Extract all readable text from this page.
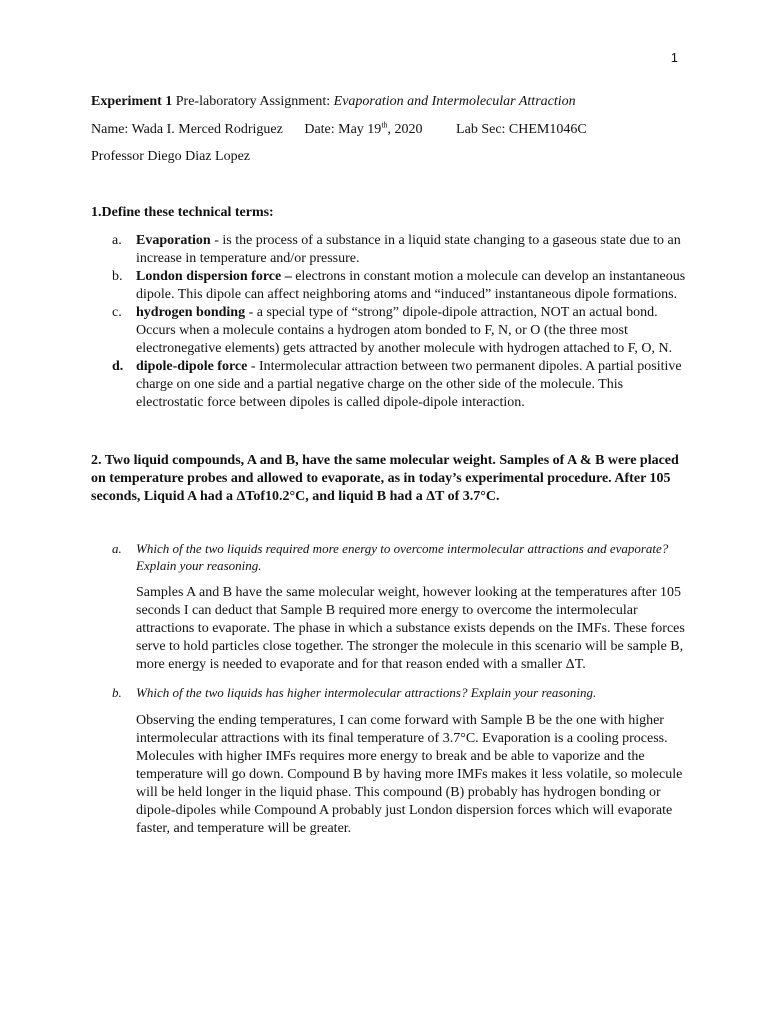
1
Experiment 1 Pre-laboratory Assignment: Evaporation and Intermolecular Attraction
Name: Wada I. Merced Rodriguez Date: May 19th, 2020 Lab Sec: CHEM1046C
Professor Diego Diaz Lopez
1.Define these technical terms:
a. Evaporation - is the process of a substance in a liquid state changing to a gaseous state due to an increase in temperature and/or pressure.
b. London dispersion force – electrons in constant motion a molecule can develop an instantaneous dipole. This dipole can affect neighboring atoms and “induced” instantaneous dipole formations.
c. hydrogen bonding - a special type of “strong” dipole-dipole attraction, NOT an actual bond. Occurs when a molecule contains a hydrogen atom bonded to F, N, or O (the three most electronegative elements) gets attracted by another molecule with hydrogen attached to F, O, N.
d. dipole-dipole force - Intermolecular attraction between two permanent dipoles. A partial positive charge on one side and a partial negative charge on the other side of the molecule. This electrostatic force between dipoles is called dipole-dipole interaction.
2. Two liquid compounds, A and B, have the same molecular weight. Samples of A & B were placed on temperature probes and allowed to evaporate, as in today’s experimental procedure. After 105 seconds, Liquid A had a ΔTof10.2°C, and liquid B had a ΔT of 3.7°C.
a.	Which of the two liquids required more energy to overcome intermolecular attractions and evaporate? Explain your reasoning.
Samples A and B have the same molecular weight, however looking at the temperatures after 105 seconds I can deduct that Sample B required more energy to overcome the intermolecular attractions to evaporate. The phase in which a substance exists depends on the IMFs. These forces serve to hold particles close together. The stronger the molecule in this scenario will be sample B, more energy is needed to evaporate and for that reason ended with a smaller ΔT.
b.	Which of the two liquids has higher intermolecular attractions? Explain your reasoning.
Observing the ending temperatures, I can come forward with Sample B be the one with higher intermolecular attractions with its final temperature of 3.7°C. Evaporation is a cooling process. Molecules with higher IMFs requires more energy to break and be able to vaporize and the temperature will go down. Compound B by having more IMFs makes it less volatile, so molecule will be held longer in the liquid phase. This compound (B) probably has hydrogen bonding or dipole-dipoles while Compound A probably just London dispersion forces which will evaporate faster, and temperature will be greater.
